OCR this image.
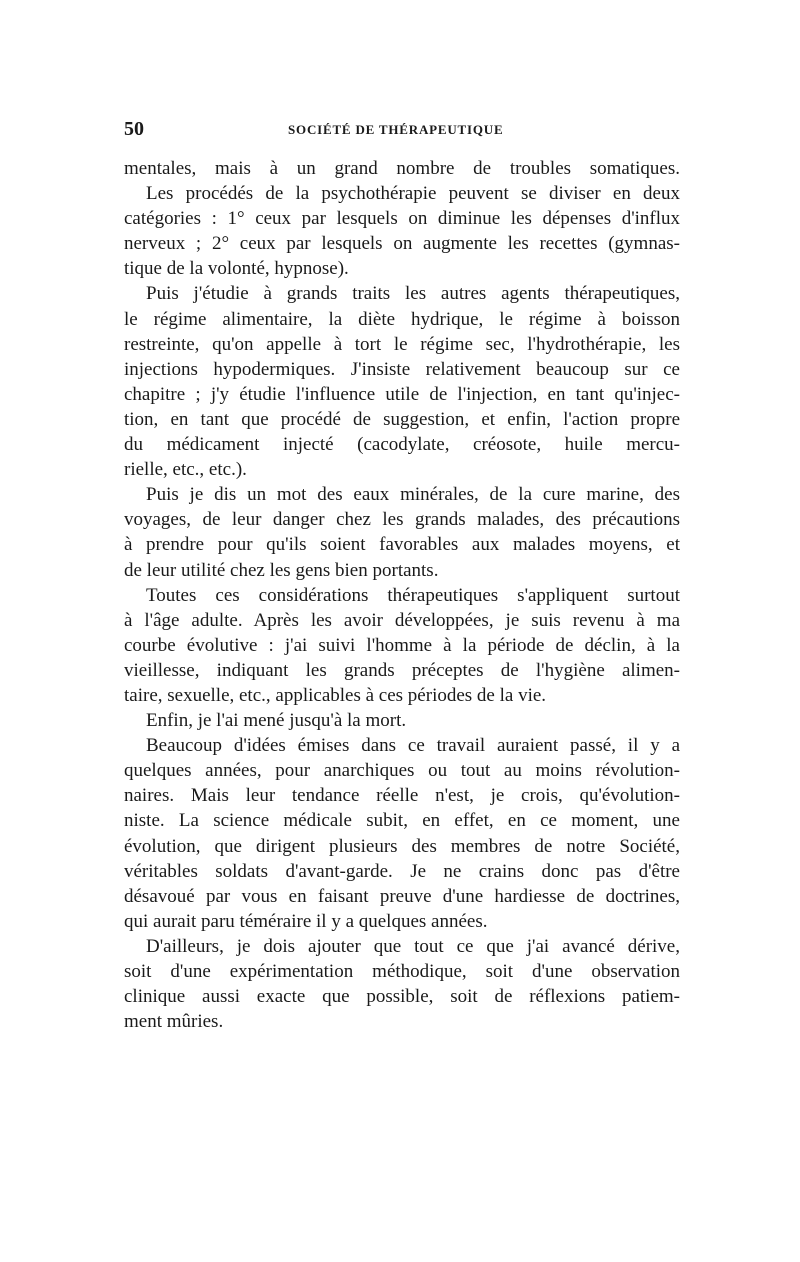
50	SOCIÉTÉ DE THÉRAPEUTIQUE
mentales, mais à un grand nombre de troubles somatiques.
Les procédés de la psychothérapie peuvent se diviser en deux
catégories : 1° ceux par lesquels on diminue les dépenses d'influx
nerveux ; 2° ceux par lesquels on augmente les recettes (gymnas-
tique de la volonté, hypnose).
Puis j'étudie à grands traits les autres agents thérapeutiques,
le régime alimentaire, la diète hydrique, le régime à boisson
restreinte, qu'on appelle à tort le régime sec, l'hydrothérapie, les
injections hypodermiques. J'insiste relativement beaucoup sur ce
chapitre ; j'y étudie l'influence utile de l'injection, en tant qu'injec-
tion, en tant que procédé de suggestion, et enfin, l'action propre
du médicament injecté (cacodylate, créosote, huile mercu-
rielle, etc., etc.).
Puis je dis un mot des eaux minérales, de la cure marine, des
voyages, de leur danger chez les grands malades, des précautions
à prendre pour qu'ils soient favorables aux malades moyens, et
de leur utilité chez les gens bien portants.
Toutes ces considérations thérapeutiques s'appliquent surtout
à l'âge adulte. Après les avoir développées, je suis revenu à ma
courbe évolutive : j'ai suivi l'homme à la période de déclin, à la
vieillesse, indiquant les grands préceptes de l'hygiène alimen-
taire, sexuelle, etc., applicables à ces périodes de la vie.
Enfin, je l'ai mené jusqu'à la mort.
Beaucoup d'idées émises dans ce travail auraient passé, il y a
quelques années, pour anarchiques ou tout au moins révolution-
naires. Mais leur tendance réelle n'est, je crois, qu'évolution-
niste. La science médicale subit, en effet, en ce moment, une
évolution, que dirigent plusieurs des membres de notre Société,
véritables soldats d'avant-garde. Je ne crains donc pas d'être
désavoué par vous en faisant preuve d'une hardiesse de doctrines,
qui aurait paru téméraire il y a quelques années.
D'ailleurs, je dois ajouter que tout ce que j'ai avancé dérive,
soit d'une expérimentation méthodique, soit d'une observation
clinique aussi exacte que possible, soit de réflexions patiem-
ment mûries.
